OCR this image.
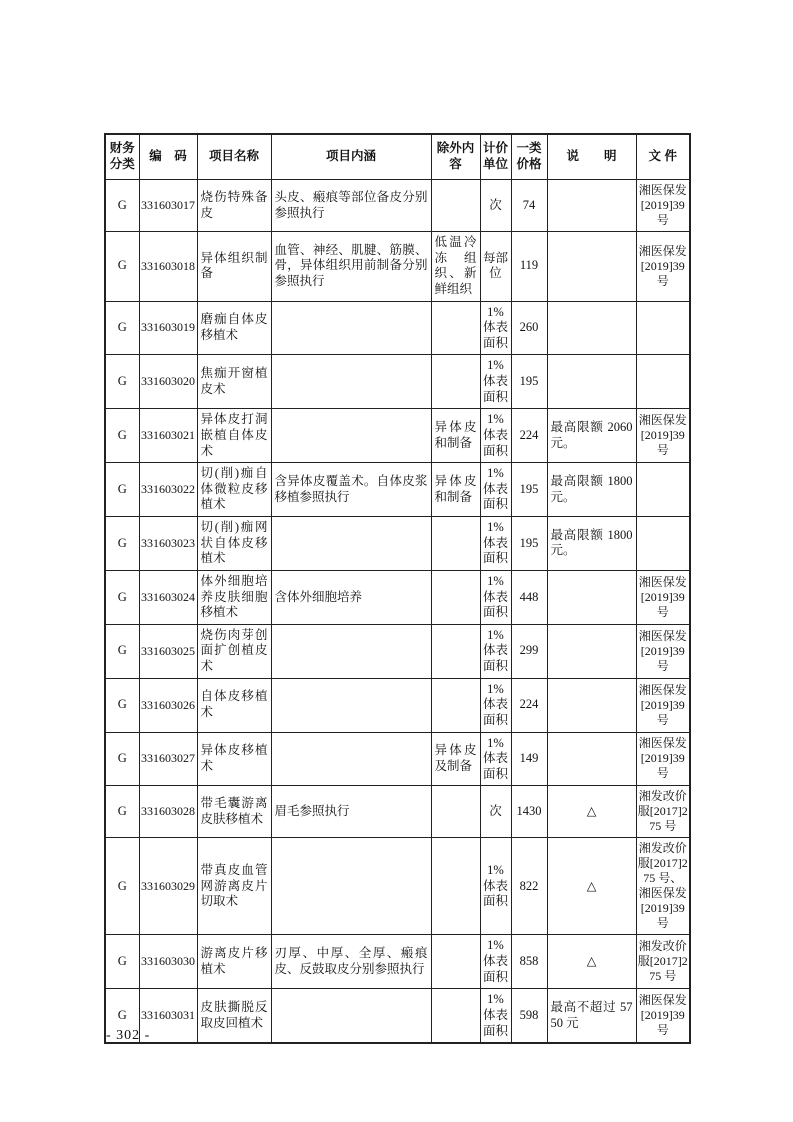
财务分类	编　码	项目名称	项目内涵	除外内容	计价单位	一类价格	说　　明	文 件
G	331603017	烧伤特殊备皮	头皮、瘢痕等部位备皮分别参照执行		次	74		湘医保发[2019]39号
G	331603018	异体组织制备	血管、神经、肌腱、筋膜、骨，异体组织用前制备分别参照执行	低温冷冻组织、新鲜组织	每部位	119		湘医保发[2019]39号
G	331603019	磨痂自体皮移植术			1%体表面积	260		
G	331603020	焦痂开窗植皮术			1%体表面积	195		
G	331603021	异体皮打洞嵌植自体皮术		异体皮和制备	1%体表面积	224	最高限额 2060 元。	湘医保发[2019]39号
G	331603022	切(削)痂自体微粒皮移植术	含异体皮覆盖术。自体皮浆移植参照执行	异体皮和制备	1%体表面积	195	最高限额 1800 元。	
G	331603023	切(削)痂网状自体皮移植术			1%体表面积	195	最高限额 1800 元。	
G	331603024	体外细胞培养皮肤细胞移植术	含体外细胞培养		1%体表面积	448		湘医保发[2019]39号
G	331603025	烧伤肉芽创面扩创植皮术			1%体表面积	299		湘医保发[2019]39号
G	331603026	自体皮移植术			1%体表面积	224		湘医保发[2019]39号
G	331603027	异体皮移植术		异体皮及制备	1%体表面积	149		湘医保发[2019]39号
G	331603028	带毛囊游离皮肤移植术	眉毛参照执行		次	1430	△	湘发改价服[2017]275 号
G	331603029	带真皮血管网游离皮片切取术			1%体表面积	822	△	湘发改价服[2017]275 号、湘医保发[2019]39号
G	331603030	游离皮片移植术	刃厚、中厚、全厚、瘢痕皮、反鼓取皮分别参照执行		1%体表面积	858	△	湘发改价服[2017]275 号
G	331603031	皮肤撕脱反取皮回植术			1%体表面积	598	最高不超过 5750 元	湘医保发[2019]39号
- 302 -
